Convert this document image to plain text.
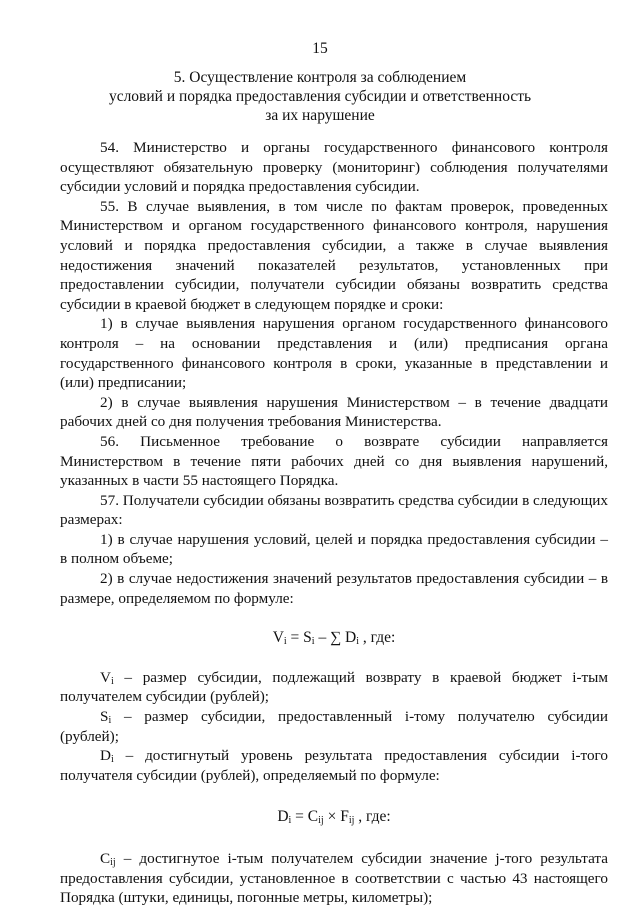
15
5. Осуществление контроля за соблюдением
условий и порядка предоставления субсидии и ответственность
за их нарушение

54. Министерство и органы государственного финансового контроля осуществляют обязательную проверку (мониторинг) соблюдения получателями субсидии условий и порядка предоставления субсидии.

55. В случае выявления, в том числе по фактам проверок, проведенных Министерством и органом государственного финансового контроля, нарушения условий и порядка предоставления субсидии, а также в случае выявления недостижения значений показателей результатов, установленных при предоставлении субсидии, получатели субсидии обязаны возвратить средства субсидии в краевой бюджет в следующем порядке и сроки:

1) в случае выявления нарушения органом государственного финансового контроля – на основании представления и (или) предписания органа государственного финансового контроля в сроки, указанные в представлении и (или) предписании;

2) в случае выявления нарушения Министерством – в течение двадцати рабочих дней со дня получения требования Министерства.

56. Письменное требование о возврате субсидии направляется Министерством в течение пяти рабочих дней со дня выявления нарушений, указанных в части 55 настоящего Порядка.

57. Получатели субсидии обязаны возвратить средства субсидии в следующих размерах:

1) в случае нарушения условий, целей и порядка предоставления субсидии – в полном объеме;

2) в случае недостижения значений результатов предоставления субсидии – в размере, определяемом по формуле:

$V_i = S_i$ – ∑ $D_i$ , где:

$V_i$ – размер субсидии, подлежащий возврату в краевой бюджет i-тым получателем субсидии (рублей);

$S_i$ – размер субсидии, предоставленный i-тому получателю субсидии (рублей);

$D_i$ – достигнутый уровень результата предоставления субсидии i-того получателя субсидии (рублей), определяемый по формуле:

$D_i = C_{ij} \times F_{ij}$ , где:

$C_{ij}$ – достигнутое i-тым получателем субсидии значение j-того результата предоставления субсидии, установленное в соответствии с частью 43 настоящего Порядка (штуки, единицы, погонные метры, километры);
